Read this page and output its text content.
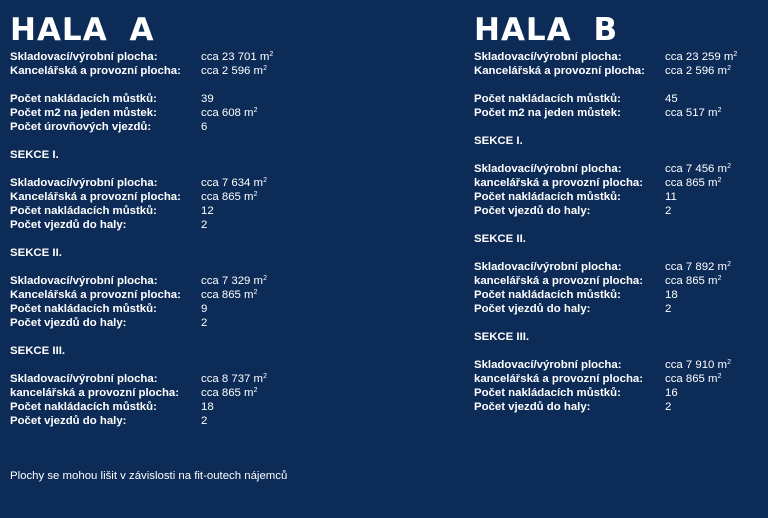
HALA A
Skladovací/výrobní plocha:	cca 23 701 $m^2$
Kancelářská a provozní plocha:	cca 2 596 $m^2$
Počet nakládacích můstků:	39
Počet m2 na jeden můstek:	cca 608 $m^2$
Počet úrovňových vjezdů:	6
SEKCE I.
Skladovací/výrobní plocha:	cca 7 634 $m^2$
Kancelářská a provozní plocha:	cca 865 $m^2$
Počet nakládacích můstků:	12
Počet vjezdů do haly:	2
SEKCE II.
Skladovací/výrobní plocha:	cca 7 329 $m^2$
Kancelářská a provozní plocha:	cca 865 $m^2$
Počet nakládacích můstků:	9
Počet vjezdů do haly:	2
SEKCE III.
Skladovací/výrobní plocha:	cca 8 737 $m^2$
kancelářská a provozní plocha:	cca 865 $m^2$
Počet nakládacích můstků:	18
Počet vjezdů do haly:	2
HALA B
Skladovací/výrobní plocha:	cca 23 259 $m^2$
Kancelářská a provozní plocha:	cca 2 596 $m^2$
Počet nakládacích můstků:	45
Počet m2 na jeden můstek:	cca 517 $m^2$
SEKCE I.
Skladovací/výrobní plocha:	cca 7 456 $m^2$
kancelářská a provozní plocha:	cca 865 $m^2$
Počet nakládacích můstků:	11
Počet vjezdů do haly:	2
SEKCE II.
Skladovací/výrobní plocha:	cca 7 892 $m^2$
kancelářská a provozní plocha:	cca 865 $m^2$
Počet nakládacích můstků:	18
Počet vjezdů do haly:	2
SEKCE III.
Skladovací/výrobní plocha:	cca 7 910 $m^2$
kancelářská a provozní plocha:	cca 865 $m^2$
Počet nakládacích můstků:	16
Počet vjezdů do haly:	2
Plochy se mohou lišit v závislosti na fit-outech nájemců
